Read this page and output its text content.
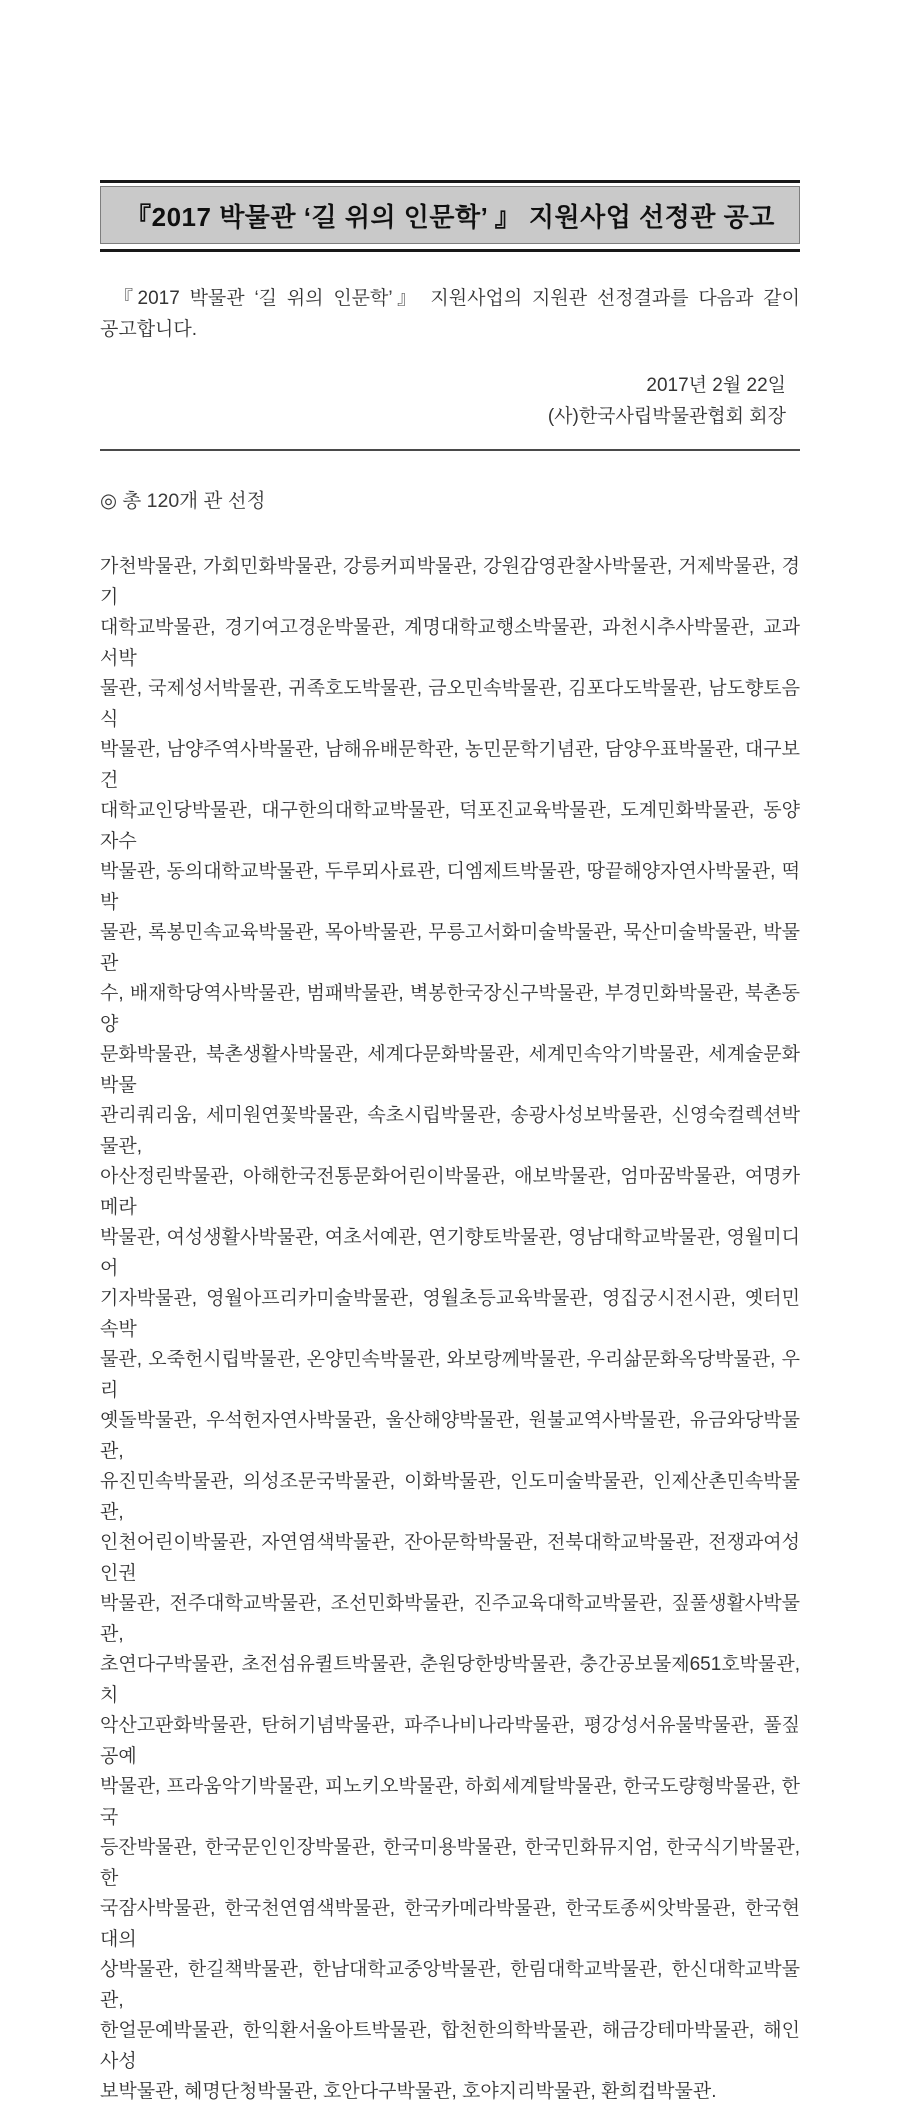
『2017 박물관 ‘길 위의 인문학’ 』 지원사업 선정관 공고
『2017 박물관 ‘길 위의 인문학’』 지원사업의 지원관 선정결과를 다음과 같이
공고합니다.
2017년 2월 22일
(사)한국사립박물관협회 회장
◎ 총 120개 관 선정
가천박물관, 가회민화박물관, 강릉커피박물관, 강원감영관찰사박물관, 거제박물관, 경기
대학교박물관, 경기여고경운박물관, 계명대학교행소박물관, 과천시추사박물관, 교과서박
물관, 국제성서박물관, 귀족호도박물관, 금오민속박물관, 김포다도박물관, 남도향토음식
박물관, 남양주역사박물관, 남해유배문학관, 농민문학기념관, 담양우표박물관, 대구보건
대학교인당박물관, 대구한의대학교박물관, 덕포진교육박물관, 도계민화박물관, 동양자수
박물관, 동의대학교박물관, 두루뫼사료관, 디엠제트박물관, 땅끝해양자연사박물관, 떡박
물관, 록봉민속교육박물관, 목아박물관, 무릉고서화미술박물관, 묵산미술박물관, 박물관
수, 배재학당역사박물관, 범패박물관, 벽봉한국장신구박물관, 부경민화박물관, 북촌동양
문화박물관, 북촌생활사박물관, 세계다문화박물관, 세계민속악기박물관, 세계술문화박물
관리쿼리움, 세미원연꽃박물관, 속초시립박물관, 송광사성보박물관, 신영숙컬렉션박물관,
아산정린박물관, 아해한국전통문화어린이박물관, 애보박물관, 엄마꿈박물관, 여명카메라
박물관, 여성생활사박물관, 여초서예관, 연기향토박물관, 영남대학교박물관, 영월미디어
기자박물관, 영월아프리카미술박물관, 영월초등교육박물관, 영집궁시전시관, 옛터민속박
물관, 오죽헌시립박물관, 온양민속박물관, 와보랑께박물관, 우리삶문화옥당박물관, 우리
옛돌박물관, 우석헌자연사박물관, 울산해양박물관, 원불교역사박물관, 유금와당박물관,
유진민속박물관, 의성조문국박물관, 이화박물관, 인도미술박물관, 인제산촌민속박물관,
인천어린이박물관, 자연염색박물관, 잔아문학박물관, 전북대학교박물관, 전쟁과여성인권
박물관, 전주대학교박물관, 조선민화박물관, 진주교육대학교박물관, 짚풀생활사박물관,
초연다구박물관, 초전섬유퀼트박물관, 춘원당한방박물관, 충간공보물제651호박물관, 치
악산고판화박물관, 탄허기념박물관, 파주나비나라박물관, 평강성서유물박물관, 풀짚공예
박물관, 프라움악기박물관, 피노키오박물관, 하회세계탈박물관, 한국도량형박물관, 한국
등잔박물관, 한국문인인장박물관, 한국미용박물관, 한국민화뮤지엄, 한국식기박물관, 한
국잠사박물관, 한국천연염색박물관, 한국카메라박물관, 한국토종씨앗박물관, 한국현대의
상박물관, 한길책박물관, 한남대학교중앙박물관, 한림대학교박물관, 한신대학교박물관,
한얼문예박물관, 한익환서울아트박물관, 합천한의학박물관, 해금강테마박물관, 해인사성
보박물관, 혜명단청박물관, 호안다구박물관, 호야지리박물관, 환희컵박물관.
